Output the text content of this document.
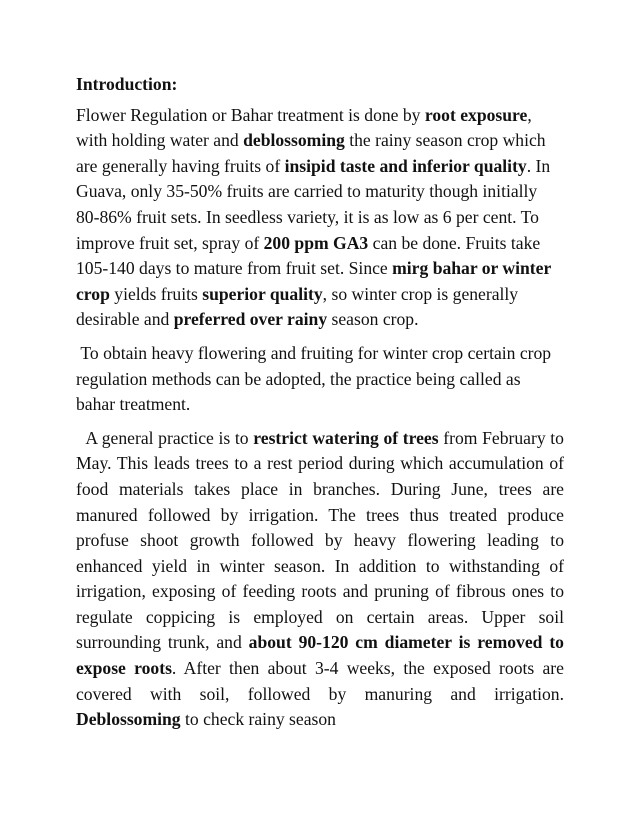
Introduction:

Flower Regulation or Bahar treatment is done by root exposure, with holding water and deblossoming the rainy season crop which are generally having fruits of insipid taste and inferior quality. In Guava, only 35-50% fruits are carried to maturity though initially 80-86% fruit sets. In seedless variety, it is as low as 6 per cent. To improve fruit set, spray of 200 ppm GA3 can be done. Fruits take 105-140 days to mature from fruit set. Since mirg bahar or winter crop yields fruits superior quality, so winter crop is generally desirable and preferred over rainy season crop.

To obtain heavy flowering and fruiting for winter crop certain crop regulation methods can be adopted, the practice being called as bahar treatment.

A general practice is to restrict watering of trees from February to May. This leads trees to a rest period during which accumulation of food materials takes place in branches. During June, trees are manured followed by irrigation. The trees thus treated produce profuse shoot growth followed by heavy flowering leading to enhanced yield in winter season. In addition to withstanding of irrigation, exposing of feeding roots and pruning of fibrous ones to regulate coppicing is employed on certain areas. Upper soil surrounding trunk, and about 90-120 cm diameter is removed to expose roots. After then about 3-4 weeks, the exposed roots are covered with soil, followed by manuring and irrigation. Deblossoming to check rainy season
